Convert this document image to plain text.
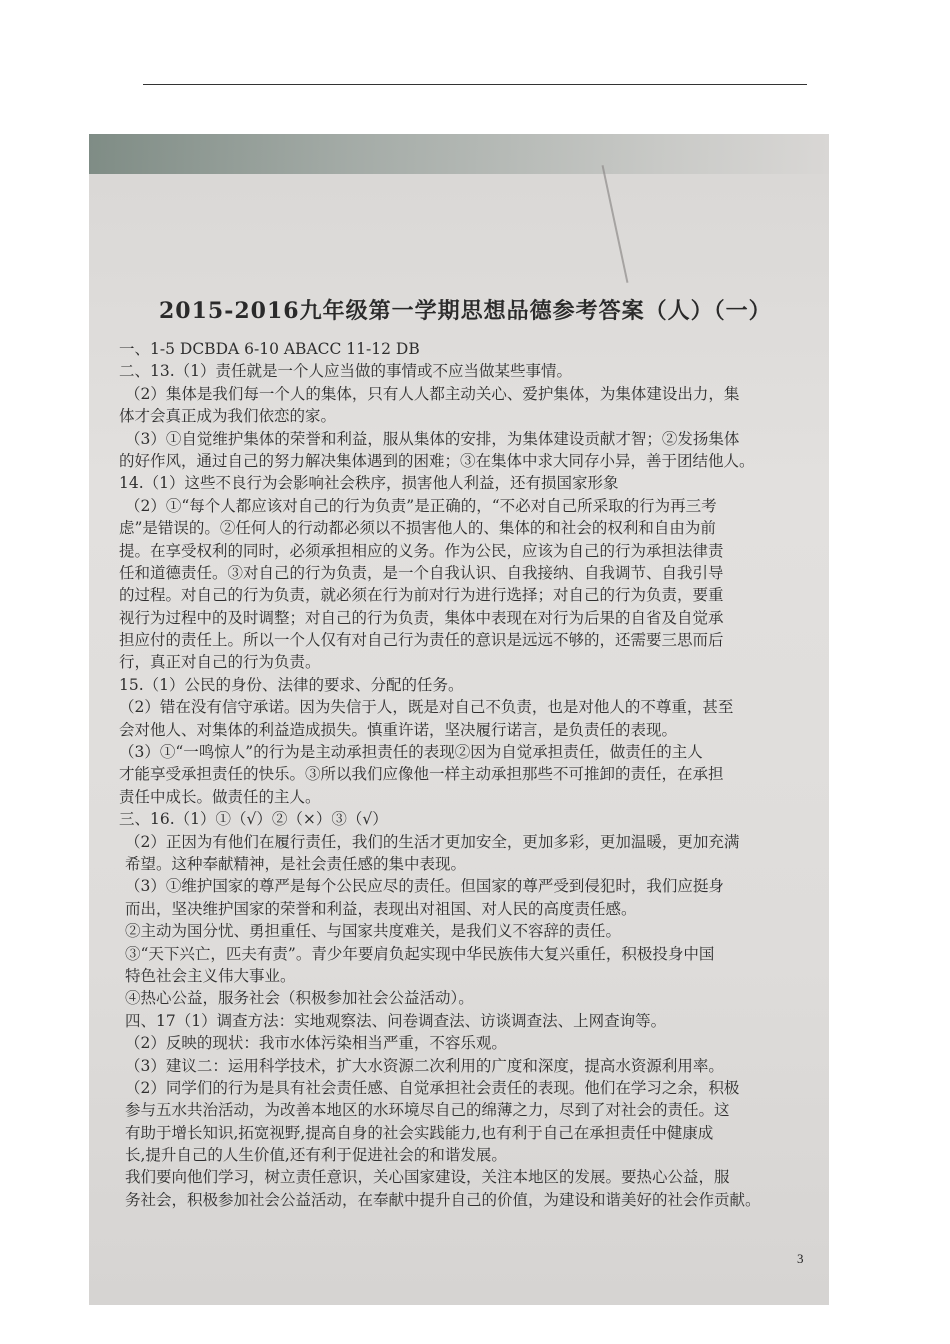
2015-2016九年级第一学期思想品德参考答案（人）（一）
一、1-5 DCBDA 6-10 ABACC 11-12 DB
二、13.（1）责任就是一个人应当做的事情或不应当做某些事情。
（2）集体是我们每一个人的集体，只有人人都主动关心、爱护集体，为集体建设出力，集
体才会真正成为我们依恋的家。
（3）①自觉维护集体的荣誉和利益，服从集体的安排，为集体建设贡献才智；②发扬集体
的好作风，通过自己的努力解决集体遇到的困难；③在集体中求大同存小异，善于团结他人。
14.（1）这些不良行为会影响社会秩序，损害他人利益，还有损国家形象
（2）①“每个人都应该对自己的行为负责”是正确的，“不必对自己所采取的行为再三考
虑”是错误的。②任何人的行动都必须以不损害他人的、集体的和社会的权利和自由为前
提。在享受权利的同时，必须承担相应的义务。作为公民，应该为自己的行为承担法律责
任和道德责任。③对自己的行为负责，是一个自我认识、自我接纳、自我调节、自我引导
的过程。对自己的行为负责，就必须在行为前对行为进行选择；对自己的行为负责，要重
视行为过程中的及时调整；对自己的行为负责，集体中表现在对行为后果的自省及自觉承
担应付的责任上。所以一个人仅有对自己行为责任的意识是远远不够的，还需要三思而后
行，真正对自己的行为负责。
15.（1）公民的身份、法律的要求、分配的任务。
（2）错在没有信守承诺。因为失信于人，既是对自己不负责，也是对他人的不尊重，甚至
会对他人、对集体的利益造成损失。慎重许诺，坚决履行诺言，是负责任的表现。
（3）①“一鸣惊人”的行为是主动承担责任的表现②因为自觉承担责任，做责任的主人
才能享受承担责任的快乐。③所以我们应像他一样主动承担那些不可推卸的责任，在承担
责任中成长。做责任的主人。
三、16.（1）①（√）②（×）③（√）
（2）正因为有他们在履行责任，我们的生活才更加安全，更加多彩，更加温暖，更加充满
希望。这种奉献精神，是社会责任感的集中表现。
（3）①维护国家的尊严是每个公民应尽的责任。但国家的尊严受到侵犯时，我们应挺身
而出，坚决维护国家的荣誉和利益，表现出对祖国、对人民的高度责任感。
②主动为国分忧、勇担重任、与国家共度难关，是我们义不容辞的责任。
③“天下兴亡，匹夫有责”。青少年要肩负起实现中华民族伟大复兴重任，积极投身中国
特色社会主义伟大事业。
④热心公益，服务社会（积极参加社会公益活动）。
四、17（1）调查方法：实地观察法、问卷调查法、访谈调查法、上网查询等。
（2）反映的现状：我市水体污染相当严重，不容乐观。
（3）建议二：运用科学技术，扩大水资源二次利用的广度和深度，提高水资源利用率。
（2）同学们的行为是具有社会责任感、自觉承担社会责任的表现。他们在学习之余，积极
参与五水共治活动，为改善本地区的水环境尽自己的绵薄之力，尽到了对社会的责任。这
有助于增长知识,拓宽视野,提高自身的社会实践能力,也有利于自己在承担责任中健康成
长,提升自己的人生价值,还有利于促进社会的和谐发展。
我们要向他们学习，树立责任意识，关心国家建设，关注本地区的发展。要热心公益，服
务社会，积极参加社会公益活动，在奉献中提升自己的价值，为建设和谐美好的社会作贡献。
3
